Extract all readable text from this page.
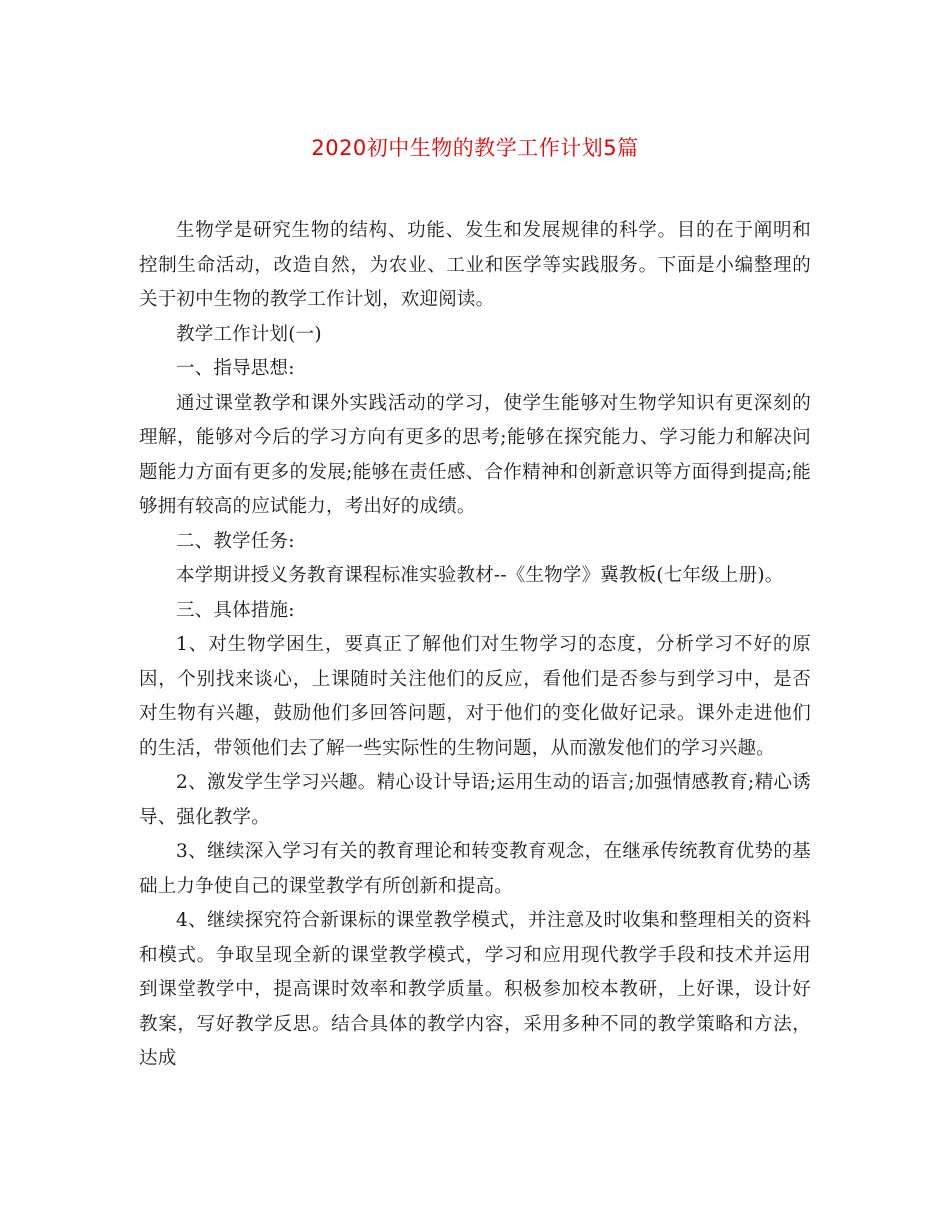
2020初中生物的教学工作计划5篇

生物学是研究生物的结构、功能、发生和发展规律的科学。目的在于阐明和控制生命活动，改造自然，为农业、工业和医学等实践服务。下面是小编整理的关于初中生物的教学工作计划，欢迎阅读。

教学工作计划(一)

一、指导思想:

通过课堂教学和课外实践活动的学习，使学生能够对生物学知识有更深刻的理解，能够对今后的学习方向有更多的思考;能够在探究能力、学习能力和解决问题能力方面有更多的发展;能够在责任感、合作精神和创新意识等方面得到提高;能够拥有较高的应试能力，考出好的成绩。

二、教学任务:

本学期讲授义务教育课程标准实验教材--《生物学》冀教板(七年级上册)。

三、具体措施:

1、对生物学困生，要真正了解他们对生物学习的态度，分析学习不好的原因，个别找来谈心，上课随时关注他们的反应，看他们是否参与到学习中，是否对生物有兴趣，鼓励他们多回答问题，对于他们的变化做好记录。课外走进他们的生活，带领他们去了解一些实际性的生物问题，从而激发他们的学习兴趣。

2、激发学生学习兴趣。精心设计导语;运用生动的语言;加强情感教育;精心诱导、强化教学。

3、继续深入学习有关的教育理论和转变教育观念，在继承传统教育优势的基础上力争使自己的课堂教学有所创新和提高。

4、继续探究符合新课标的课堂教学模式，并注意及时收集和整理相关的资料和模式。争取呈现全新的课堂教学模式，学习和应用现代教学手段和技术并运用到课堂教学中，提高课时效率和教学质量。积极参加校本教研，上好课，设计好教案，写好教学反思。结合具体的教学内容，采用多种不同的教学策略和方法，达成
